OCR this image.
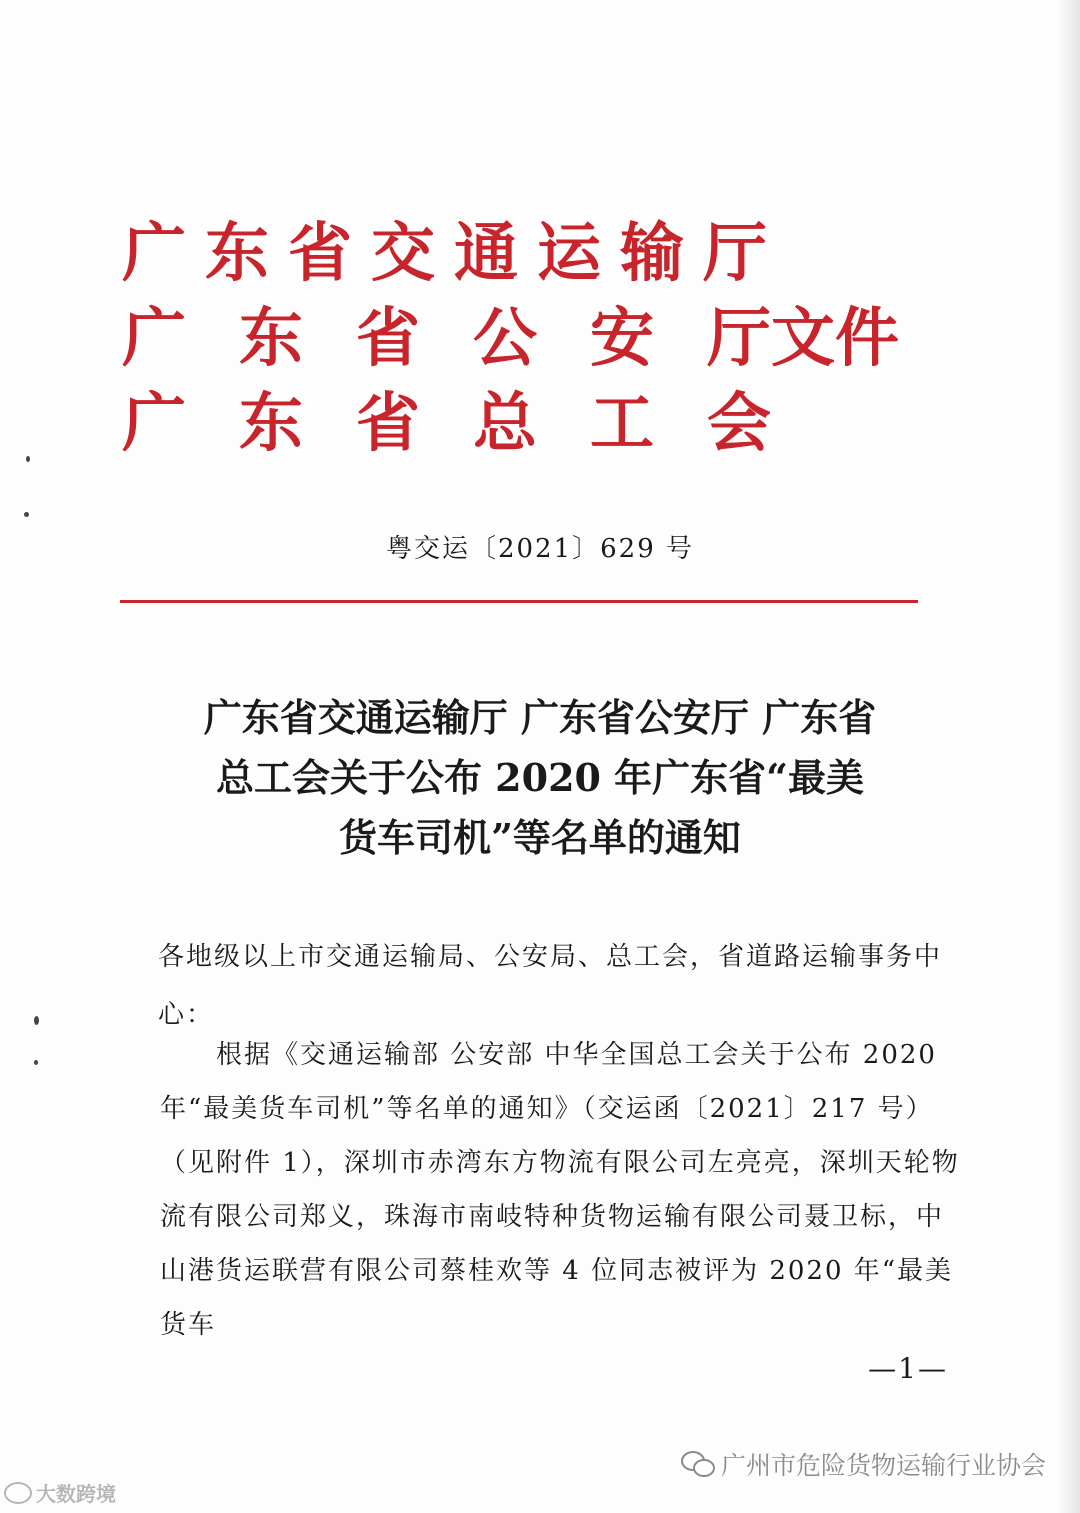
广东省交通运输厅
广 东 省 公 安 厅文件
广 东 省 总 工 会
粤交运〔2021〕629 号
广东省交通运输厅 广东省公安厅 广东省
总工会关于公布 2020 年广东省“最美
货车司机”等名单的通知
各地级以上市交通运输局、公安局、总工会，省道路运输事务中心：
根据《交通运输部 公安部 中华全国总工会关于公布 2020 年“最美货车司机”等名单的通知》（交运函〔2021〕217 号）（见附件 1），深圳市赤湾东方物流有限公司左亮亮，深圳天轮物流有限公司郑义，珠海市南岐特种货物运输有限公司聂卫标，中山港货运联营有限公司蔡桂欢等 4 位同志被评为 2020 年“最美货车
—1—
广州市危险货物运输行业协会
大数跨境
